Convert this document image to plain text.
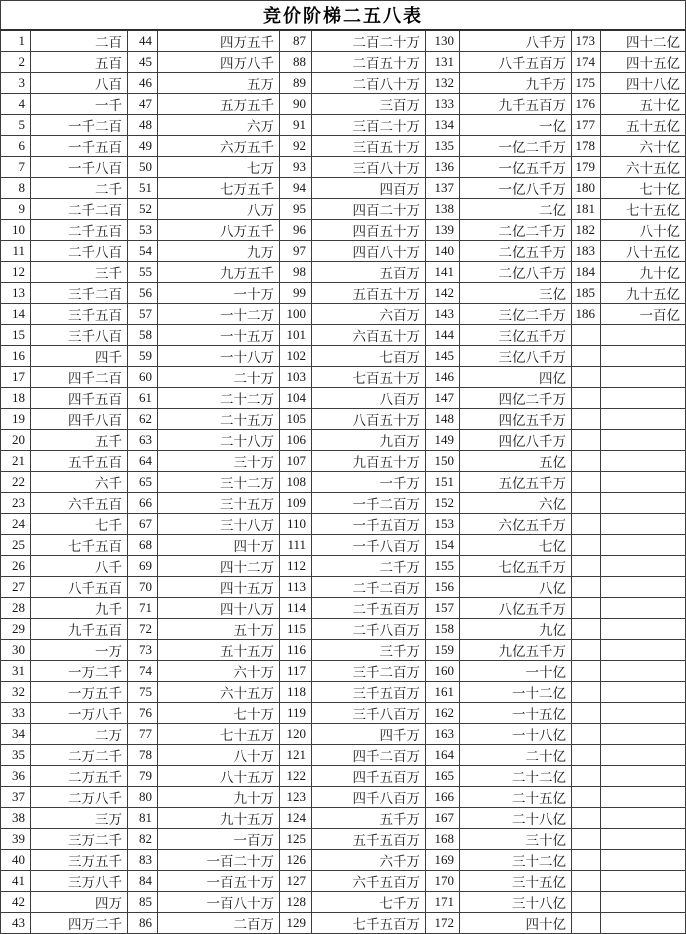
竞价阶梯二五八表									
1	二百	44	四万五千	87	二百二十万	130	八千万	173	四十二亿
2	五百	45	四万八千	88	二百五十万	131	八千五百万	174	四十五亿
3	八百	46	五万	89	二百八十万	132	九千万	175	四十八亿
4	一千	47	五万五千	90	三百万	133	九千五百万	176	五十亿
5	一千二百	48	六万	91	三百二十万	134	一亿	177	五十五亿
6	一千五百	49	六万五千	92	三百五十万	135	一亿二千万	178	六十亿
7	一千八百	50	七万	93	三百八十万	136	一亿五千万	179	六十五亿
8	二千	51	七万五千	94	四百万	137	一亿八千万	180	七十亿
9	二千二百	52	八万	95	四百二十万	138	二亿	181	七十五亿
10	二千五百	53	八万五千	96	四百五十万	139	二亿二千万	182	八十亿
11	二千八百	54	九万	97	四百八十万	140	二亿五千万	183	八十五亿
12	三千	55	九万五千	98	五百万	141	二亿八千万	184	九十亿
13	三千二百	56	一十万	99	五百五十万	142	三亿	185	九十五亿
14	三千五百	57	一十二万	100	六百万	143	三亿二千万	186	一百亿
15	三千八百	58	一十五万	101	六百五十万	144	三亿五千万		
16	四千	59	一十八万	102	七百万	145	三亿八千万		
17	四千二百	60	二十万	103	七百五十万	146	四亿		
18	四千五百	61	二十二万	104	八百万	147	四亿二千万		
19	四千八百	62	二十五万	105	八百五十万	148	四亿五千万		
20	五千	63	二十八万	106	九百万	149	四亿八千万		
21	五千五百	64	三十万	107	九百五十万	150	五亿		
22	六千	65	三十二万	108	一千万	151	五亿五千万		
23	六千五百	66	三十五万	109	一千二百万	152	六亿		
24	七千	67	三十八万	110	一千五百万	153	六亿五千万		
25	七千五百	68	四十万	111	一千八百万	154	七亿		
26	八千	69	四十二万	112	二千万	155	七亿五千万		
27	八千五百	70	四十五万	113	二千二百万	156	八亿		
28	九千	71	四十八万	114	二千五百万	157	八亿五千万		
29	九千五百	72	五十万	115	二千八百万	158	九亿		
30	一万	73	五十五万	116	三千万	159	九亿五千万		
31	一万二千	74	六十万	117	三千二百万	160	一十亿		
32	一万五千	75	六十五万	118	三千五百万	161	一十二亿		
33	一万八千	76	七十万	119	三千八百万	162	一十五亿		
34	二万	77	七十五万	120	四千万	163	一十八亿		
35	二万二千	78	八十万	121	四千二百万	164	二十亿		
36	二万五千	79	八十五万	122	四千五百万	165	二十二亿		
37	二万八千	80	九十万	123	四千八百万	166	二十五亿		
38	三万	81	九十五万	124	五千万	167	二十八亿		
39	三万二千	82	一百万	125	五千五百万	168	三十亿		
40	三万五千	83	一百二十万	126	六千万	169	三十二亿		
41	三万八千	84	一百五十万	127	六千五百万	170	三十五亿		
42	四万	85	一百八十万	128	七千万	171	三十八亿		
43	四万二千	86	二百万	129	七千五百万	172	四十亿		
